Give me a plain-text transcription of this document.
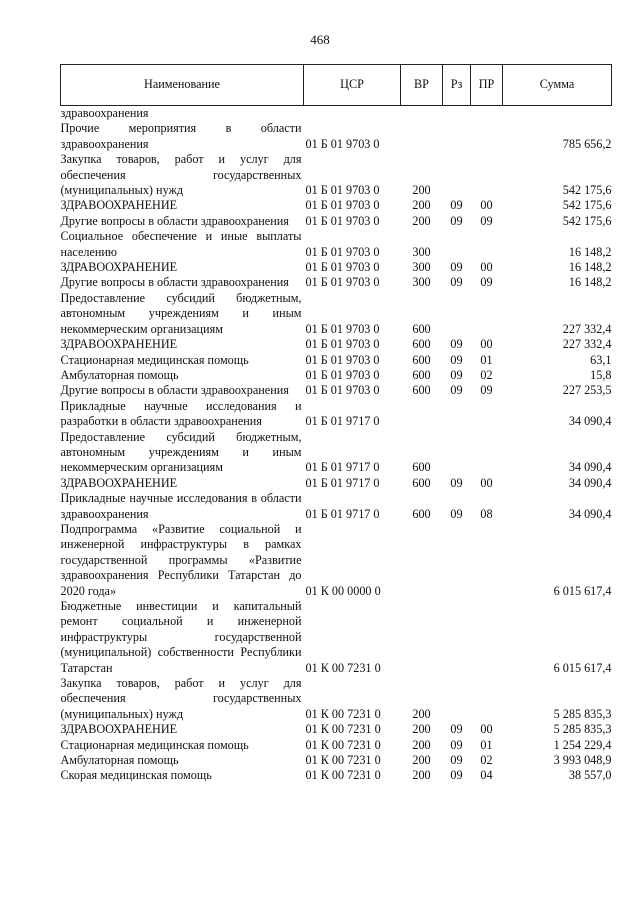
468
Наименование	ЦСР	ВР	Рз	ПР	Сумма
здравоохранения					
Прочие мероприятия в области здравоохранения	01 Б 01 9703 0				785 656,2
Закупка товаров, работ и услуг для обеспечения государственных (муниципальных) нужд	01 Б 01 9703 0	200			542 175,6
ЗДРАВООХРАНЕНИЕ	01 Б 01 9703 0	200	09	00	542 175,6
Другие вопросы в области здравоохранения	01 Б 01 9703 0	200	09	09	542 175,6
Социальное обеспечение и иные выплаты населению	01 Б 01 9703 0	300			16 148,2
ЗДРАВООХРАНЕНИЕ	01 Б 01 9703 0	300	09	00	16 148,2
Другие вопросы в области здравоохранения	01 Б 01 9703 0	300	09	09	16 148,2
Предоставление субсидий бюджетным, автономным учреждениям и иным некоммерческим организациям	01 Б 01 9703 0	600			227 332,4
ЗДРАВООХРАНЕНИЕ	01 Б 01 9703 0	600	09	00	227 332,4
Стационарная медицинская помощь	01 Б 01 9703 0	600	09	01	63,1
Амбулаторная помощь	01 Б 01 9703 0	600	09	02	15,8
Другие вопросы в области здравоохранения	01 Б 01 9703 0	600	09	09	227 253,5
Прикладные научные исследования и разработки в области здравоохранения	01 Б 01 9717 0				34 090,4
Предоставление субсидий бюджетным, автономным учреждениям и иным некоммерческим организациям	01 Б 01 9717 0	600			34 090,4
ЗДРАВООХРАНЕНИЕ	01 Б 01 9717 0	600	09	00	34 090,4
Прикладные научные исследования в области здравоохранения	01 Б 01 9717 0	600	09	08	34 090,4
Подпрограмма «Развитие социальной и инженерной инфраструктуры в рамках государственной программы «Развитие здравоохранения Республики Татарстан до 2020 года»	01 К 00 0000 0				6 015 617,4
Бюджетные инвестиции и капитальный ремонт социальной и инженерной инфраструктуры государственной (муниципальной) собственности Республики Татарстан	01 К 00 7231 0				6 015 617,4
Закупка товаров, работ и услуг для обеспечения государственных (муниципальных) нужд	01 К 00 7231 0	200			5 285 835,3
ЗДРАВООХРАНЕНИЕ	01 К 00 7231 0	200	09	00	5 285 835,3
Стационарная медицинская помощь	01 К 00 7231 0	200	09	01	1 254 229,4
Амбулаторная помощь	01 К 00 7231 0	200	09	02	3 993 048,9
Скорая медицинская помощь	01 К 00 7231 0	200	09	04	38 557,0
